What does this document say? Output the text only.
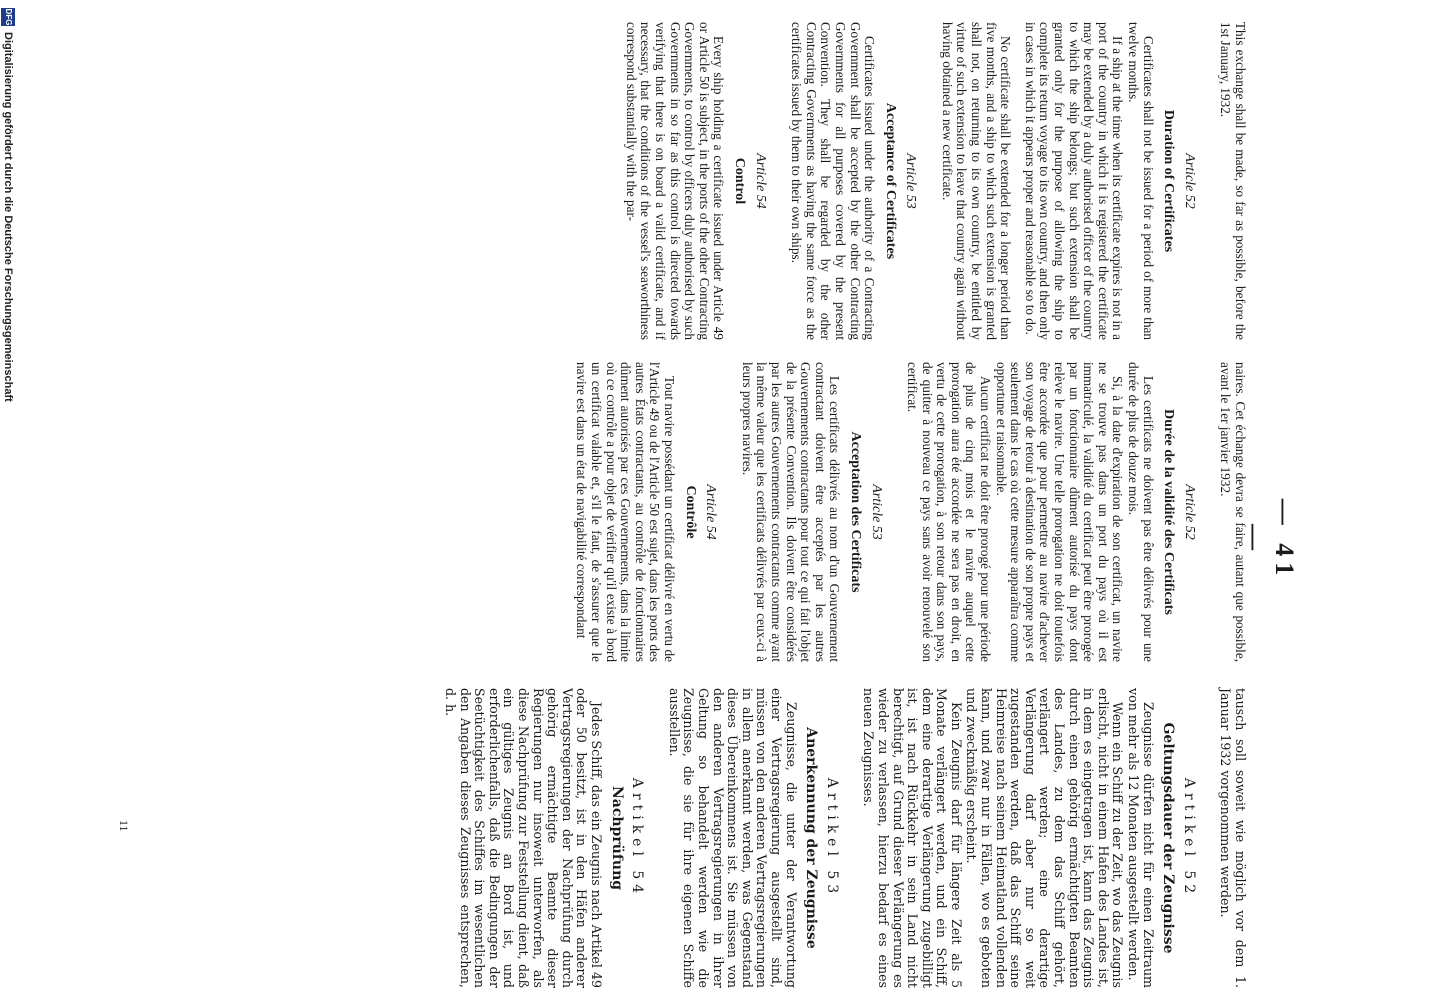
— 41 —

This exchange shall be made, so far as possible, before the 1st January, 1932.

Article 52
Duration of Certificates

Certificates shall not be issued for a period of more than twelve months.

If a ship at the time when its certificate expires is not in a port of the country in which it is registered the certificate may be extended by a duly authorised officer of the country to which the ship belongs; but such extension shall be granted only for the purpose of allowing the ship to complete its return voyage to its own country, and then only in cases in which it appears proper and reasonable so to do.

No certificate shall be extended for a longer period than five months, and a ship to which such extension is granted shall not, on returning to its own country, be entitled by virtue of such extension to leave that country again without having obtained a new certificate.

Article 53
Acceptance of Certificates

Certificates issued under the authority of a Contracting Government shall be accepted by the other Contracting Governments for all purposes covered by the present Convention. They shall be regarded by the other Contracting Governments as having the same force as the certificates issued by them to their own ships.

Article 54
Control

Every ship holding a certificate issued under Article 49 or Article 50 is subject, in the ports of the other Contracting Governments, to control by officers duly authorised by such Governments in so far as this control is directed towards verifying that there is on board a valid certificate, and if necessary, that the conditions of the vessel's seaworthiness correspond substantially with the par-

naires. Cet échange devra se faire, autant que possible, avant le 1er janvier 1932.

Article 52
Durée de la validité des Certificats

Les certificats ne doivent pas être délivrés pour une durée de plus de douze mois.

Si, à la date d'expiration de son certificat, un navire ne se trouve pas dans un port du pays où il est immatriculé, la validité du certificat peut être prorogée par un fonctionnaire dûment autorisé du pays dont relève le navire. Une telle prorogation ne doit toutefois être accordée que pour permettre au navire d'achever son voyage de retour à destination de son propre pays et seulement dans le cas où cette mesure apparaîtra comme opportune et raisonnable.

Aucun certificat ne doit être prorogé pour une période de plus de cinq mois et le navire auquel cette prorogation aura été accordée ne sera pas en droit, en vertu de cette prorogation, à son retour dans son pays, de quitter à nouveau ce pays sans avoir renouvelé son certificat.

Article 53
Acceptation des Certificats

Les certificats délivrés au nom d'un Gouvernement contractant doivent être acceptés par les autres Gouvernements contractants pour tout ce qui fait l'objet de la présente Convention. Ils doivent être considérés par les autres Gouvernements contractants comme ayant la même valeur que les certificats délivrés par ceux-ci à leurs propres navires.

Article 54
Contrôle

Tout navire possédant un certificat délivré en vertu de l'Article 49 ou de l'Article 50 est sujet, dans les ports des autres États contractants, au contrôle de fonctionnaires dûment autorisés par ces Gouvernements, dans la limite où ce contrôle a pour objet de vérifier qu'il existe à bord un certificat valable et, s'il le faut, de s'assurer que le navire est dans un état de navigabilité correspondant

tausch soll soweit wie möglich vor dem 1. Januar 1932 vorgenommen werden.

Artikel 52
Geltungsdauer der Zeugnisse

Zeugnisse dürfen nicht für einen Zeitraum von mehr als 12 Monaten ausgestellt werden.

Wenn ein Schiff zu der Zeit, wo das Zeugnis erlischt, nicht in einem Hafen des Landes ist, in dem es eingetragen ist, kann das Zeugnis durch einen gehörig ermächtigten Beamten des Landes, zu dem das Schiff gehört, verlängert werden; eine derartige Verlängerung darf aber nur so weit zugestanden werden, daß das Schiff seine Heimreise nach seinem Heimatland vollenden kann, und zwar nur in Fällen, wo es geboten und zweckmäßig erscheint.

Kein Zeugnis darf für längere Zeit als 5 Monate verlängert werden, und ein Schiff, dem eine derartige Verlängerung zugebilligt ist, ist nach Rückkehr in sein Land nicht berechtigt, auf Grund dieser Verlängerung es wieder zu verlassen, hierzu bedarf es eines neuen Zeugnisses.

Artikel 53
Anerkennung der Zeugnisse

Zeugnisse, die unter der Verantwortung einer Vertragsregierung ausgestellt sind, müssen von den anderen Vertragsregierungen in allem anerkannt werden, was Gegenstand dieses Übereinkommens ist. Sie müssen von den anderen Vertragsregierungen in ihrer Geltung so behandelt werden wie die Zeugnisse, die sie für ihre eigenen Schiffe ausstellen.

Artikel 54
Nachprüfung

Jedes Schiff, das ein Zeugnis nach Artikel 49 oder 50 besitzt, ist in den Häfen anderer Vertragsregierungen der Nachprüfung durch gehörig ermächtigte Beamte dieser Regierungen nur insoweit unterworfen, als diese Nachprüfung zur Feststellung dient, daß ein gültiges Zeugnis an Bord ist, und erforderlichenfalls, daß die Bedingungen der Seetüchtigkeit des Schiffes im wesentlichen den Angaben dieses Zeugnisses entsprechen, d. h.

11
DFG
Digitalisierung gefördert durch die Deutsche Forschungsgemeinschaft
